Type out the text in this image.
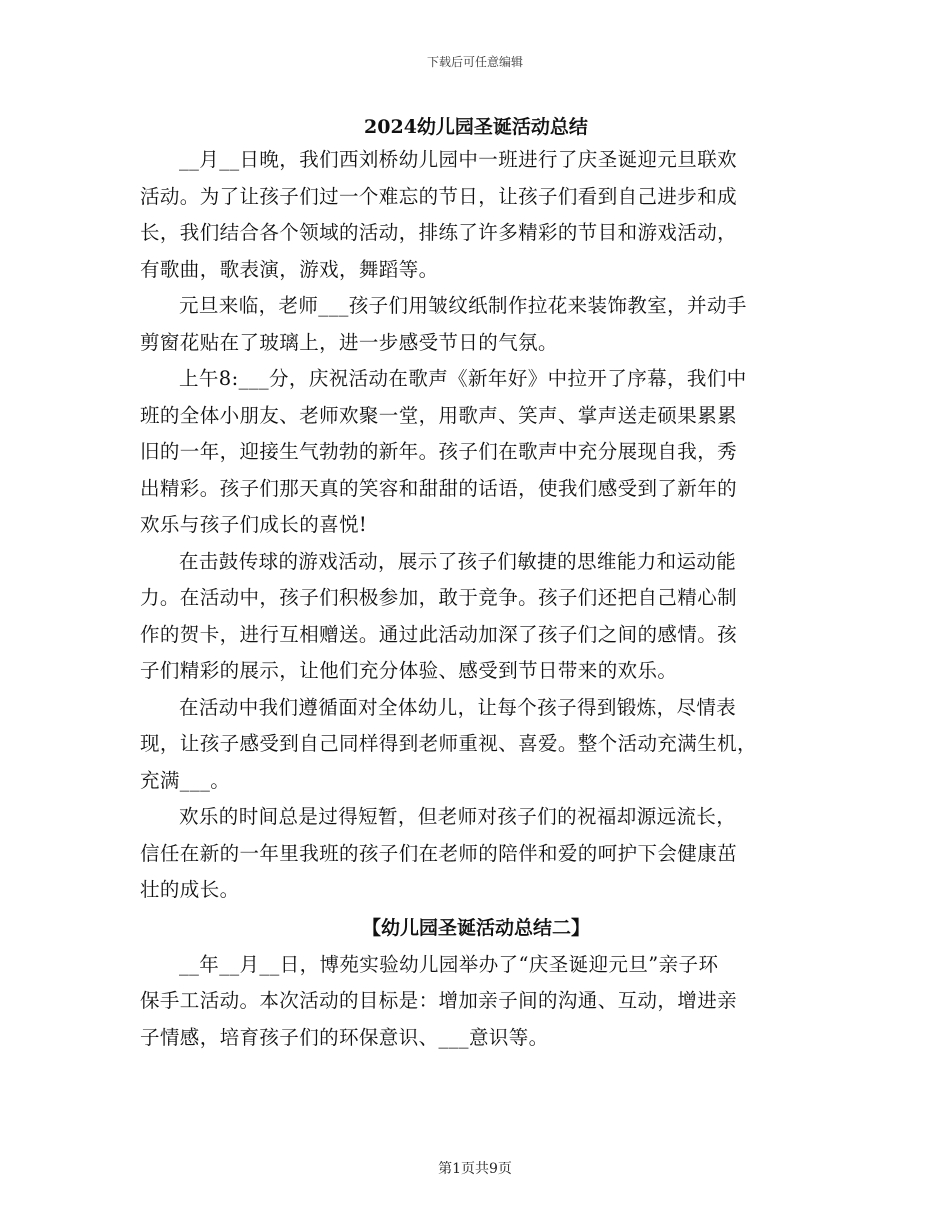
下载后可任意编辑
2024幼儿园圣诞活动总结
__月__日晚，我们西刘桥幼儿园中一班进行了庆圣诞迎元旦联欢
活动。为了让孩子们过一个难忘的节日，让孩子们看到自己进步和成
长，我们结合各个领域的活动，排练了许多精彩的节目和游戏活动，
有歌曲，歌表演，游戏，舞蹈等。
元旦来临，老师___孩子们用皱纹纸制作拉花来装饰教室，并动手
剪窗花贴在了玻璃上，进一步感受节日的气氛。
上午8:___分，庆祝活动在歌声《新年好》中拉开了序幕，我们中
班的全体小朋友、老师欢聚一堂，用歌声、笑声、掌声送走硕果累累
旧的一年，迎接生气勃勃的新年。孩子们在歌声中充分展现自我，秀
出精彩。孩子们那天真的笑容和甜甜的话语，使我们感受到了新年的
欢乐与孩子们成长的喜悦!
在击鼓传球的游戏活动，展示了孩子们敏捷的思维能力和运动能
力。在活动中，孩子们积极参加，敢于竞争。孩子们还把自己精心制
作的贺卡，进行互相赠送。通过此活动加深了孩子们之间的感情。孩
子们精彩的展示，让他们充分体验、感受到节日带来的欢乐。
在活动中我们遵循面对全体幼儿，让每个孩子得到锻炼，尽情表
现，让孩子感受到自己同样得到老师重视、喜爱。整个活动充满生机，
充满___。
欢乐的时间总是过得短暂，但老师对孩子们的祝福却源远流长，
信任在新的一年里我班的孩子们在老师的陪伴和爱的呵护下会健康茁
壮的成长。
【幼儿园圣诞活动总结二】
__年__月__日，博苑实验幼儿园举办了“庆圣诞迎元旦”亲子环
保手工活动。本次活动的目标是：增加亲子间的沟通、互动，增进亲
子情感，培育孩子们的环保意识、___意识等。
第1页共9页
